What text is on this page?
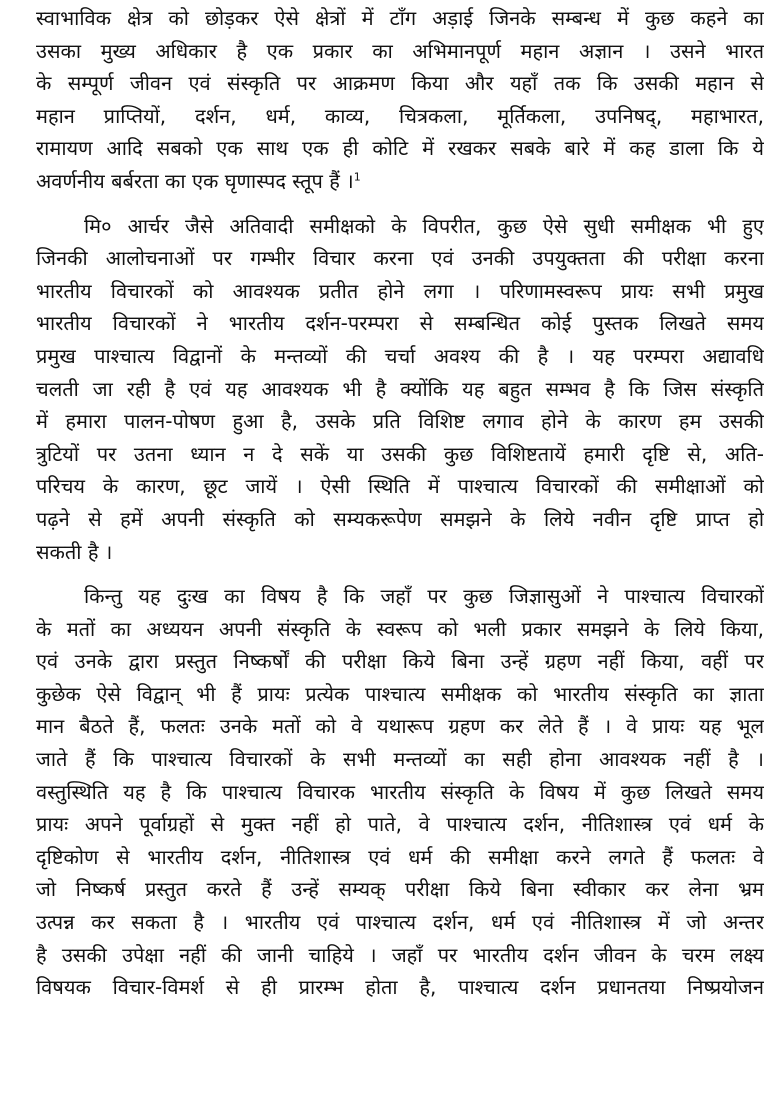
स्वाभाविक क्षेत्र को छोड़कर ऐसे क्षेत्रों में टाँग अड़ाई जिनके सम्बन्ध में कुछ कहने का
उसका मुख्य अधिकार है एक प्रकार का अभिमानपूर्ण महान अज्ञान । उसने भारत
के सम्पूर्ण जीवन एवं संस्कृति पर आक्रमण किया और यहाँ तक कि उसकी महान से
महान प्राप्तियों, दर्शन, धर्म, काव्य, चित्रकला, मूर्तिकला, उपनिषद्, महाभारत,
रामायण आदि सबको एक साथ एक ही कोटि में रखकर सबके बारे में कह डाला कि ये
अवर्णनीय बर्बरता का एक घृणास्पद स्तूप हैं ।$^1$
मि० आर्चर जैसे अतिवादी समीक्षको के विपरीत, कुछ ऐसे सुधी समीक्षक भी हुए
जिनकी आलोचनाओं पर गम्भीर विचार करना एवं उनकी उपयुक्तता की परीक्षा करना
भारतीय विचारकों को आवश्यक प्रतीत होने लगा । परिणामस्वरूप प्रायः सभी प्रमुख
भारतीय विचारकों ने भारतीय दर्शन-परम्परा से सम्बन्धित कोई पुस्तक लिखते समय
प्रमुख पाश्चात्य विद्वानों के मन्तव्यों की चर्चा अवश्य की है । यह परम्परा अद्यावधि
चलती जा रही है एवं यह आवश्यक भी है क्योंकि यह बहुत सम्भव है कि जिस संस्कृति
में हमारा पालन-पोषण हुआ है, उसके प्रति विशिष्ट लगाव होने के कारण हम उसकी
त्रुटियों पर उतना ध्यान न दे सकें या उसकी कुछ विशिष्टतायें हमारी दृष्टि से, अति-
परिचय के कारण, छूट जायें । ऐसी स्थिति में पाश्चात्य विचारकों की समीक्षाओं को
पढ़ने से हमें अपनी संस्कृति को सम्यकरूपेण समझने के लिये नवीन दृष्टि प्राप्त हो
सकती है ।
किन्तु यह दुःख का विषय है कि जहाँ पर कुछ जिज्ञासुओं ने पाश्चात्य विचारकों
के मतों का अध्ययन अपनी संस्कृति के स्वरूप को भली प्रकार समझने के लिये किया,
एवं उनके द्वारा प्रस्तुत निष्कर्षों की परीक्षा किये बिना उन्हें ग्रहण नहीं किया, वहीं पर
कुछेक ऐसे विद्वान् भी हैं प्रायः प्रत्येक पाश्चात्य समीक्षक को भारतीय संस्कृति का ज्ञाता
मान बैठते हैं, फलतः उनके मतों को वे यथारूप ग्रहण कर लेते हैं । वे प्रायः यह भूल
जाते हैं कि पाश्चात्य विचारकों के सभी मन्तव्यों का सही होना आवश्यक नहीं है ।
वस्तुस्थिति यह है कि पाश्चात्य विचारक भारतीय संस्कृति के विषय में कुछ लिखते समय
प्रायः अपने पूर्वाग्रहों से मुक्त नहीं हो पाते, वे पाश्चात्य दर्शन, नीतिशास्त्र एवं धर्म के
दृष्टिकोण से भारतीय दर्शन, नीतिशास्त्र एवं धर्म की समीक्षा करने लगते हैं फलतः वे
जो निष्कर्ष प्रस्तुत करते हैं उन्हें सम्यक् परीक्षा किये बिना स्वीकार कर लेना भ्रम
उत्पन्न कर सकता है । भारतीय एवं पाश्चात्य दर्शन, धर्म एवं नीतिशास्त्र में जो अन्तर
है उसकी उपेक्षा नहीं की जानी चाहिये । जहाँ पर भारतीय दर्शन जीवन के चरम लक्ष्य
विषयक विचार-विमर्श से ही प्रारम्भ होता है, पाश्चात्य दर्शन प्रधानतया निष्प्रयोजन
